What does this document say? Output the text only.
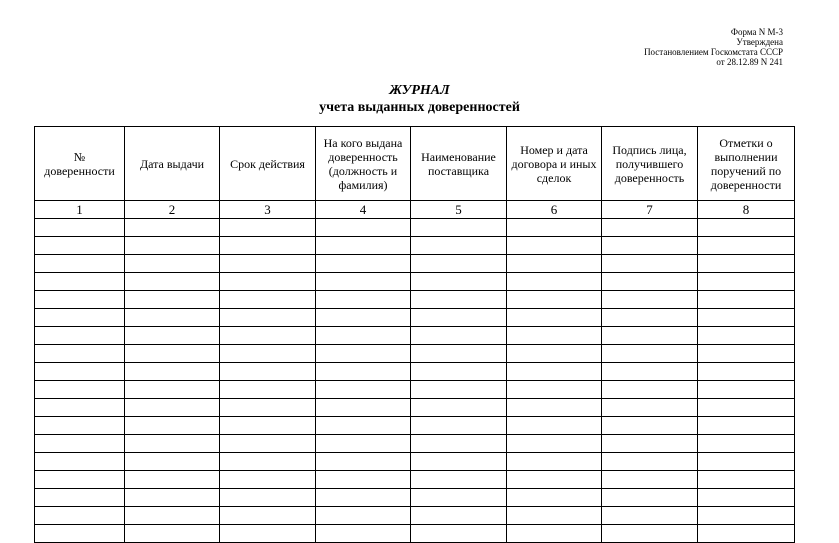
Форма N M-3
Утверждена
Постановлением Госкомстата СССР
от 28.12.89 N 241
ЖУРНАЛ
учета выданных доверенностей
№ доверенности	Дата выдачи	Срок действия	На кого выдана доверенность (должность и фамилия)	Наименование поставщика	Номер и дата договора и иных сделок	Подпись лица, получившего доверенность	Отметки о выполнении поручений по доверенности
1	2	3	4	5	6	7	8
